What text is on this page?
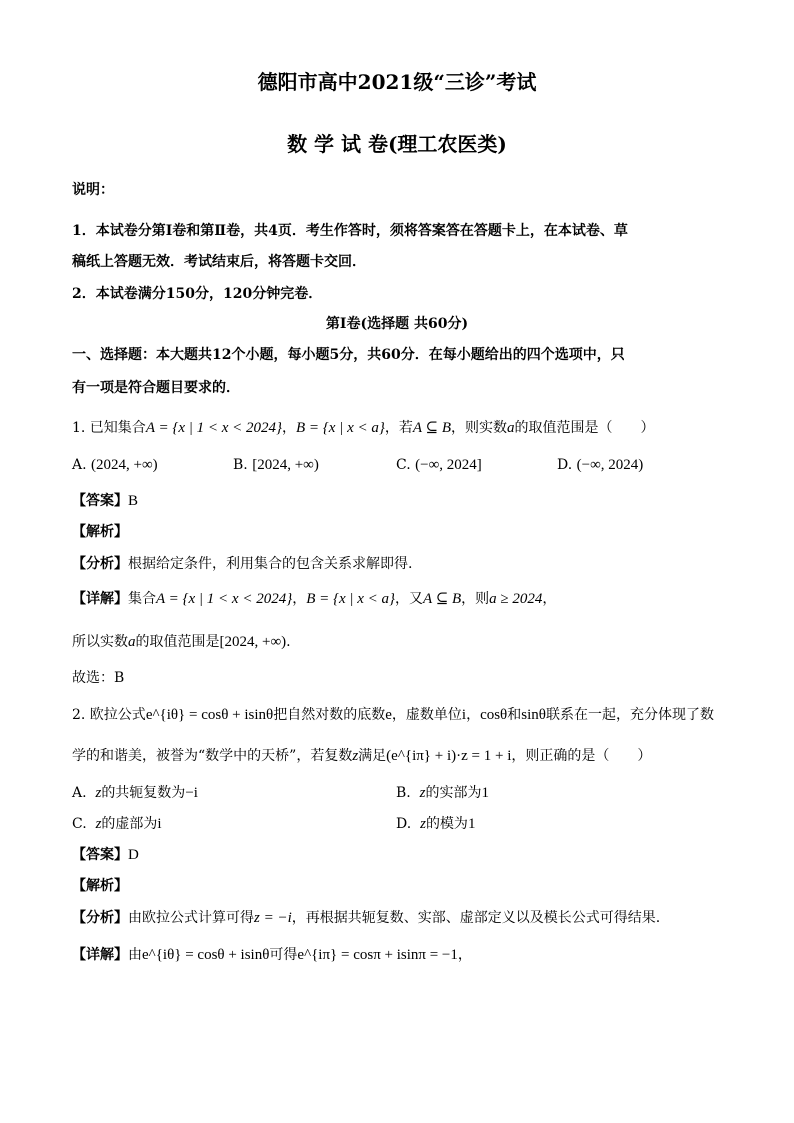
德阳市高中2021级“三诊”考试
数 学 试 卷(理工农医类)
说明：
1．本试卷分第Ⅰ卷和第Ⅱ卷，共4页．考生作答时，须将答案答在答题卡上，在本试卷、草
稿纸上答题无效．考试结束后，将答题卡交回．
2．本试卷满分150分，120分钟完卷．
第Ⅰ卷(选择题 共60分)
一、选择题：本大题共12个小题，每小题5分，共60分．在每小题给出的四个选项中，只
有一项是符合题目要求的．
1. 已知集合A = {x | 1 < x < 2024}，B = {x | x < a}，若A ⊆ B，则实数a的取值范围是（　　）
A. (2024, +∞)	B. [2024, +∞)	C. (−∞, 2024]	D. (−∞, 2024)
【答案】B
【解析】
【分析】根据给定条件，利用集合的包含关系求解即得.
【详解】集合A = {x | 1 < x < 2024}，B = {x | x < a}，又A ⊆ B，则a ≥ 2024，
所以实数a的取值范围是[2024, +∞).
故选：B
2. 欧拉公式e^{iθ} = cosθ + isinθ把自然对数的底数e，虚数单位i，cosθ和sinθ联系在一起，充分体现了数
学的和谐美，被誉为“数学中的天桥”，若复数z满足(e^{iπ} + i)·z = 1 + i，则正确的是（　　）
A. z的共轭复数为−i	B. z的实部为1
C. z的虚部为i	D. z的模为1
【答案】D
【解析】
【分析】由欧拉公式计算可得z = −i，再根据共轭复数、实部、虚部定义以及模长公式可得结果.
【详解】由e^{iθ} = cosθ + isinθ可得e^{iπ} = cosπ + isinπ = −1，
